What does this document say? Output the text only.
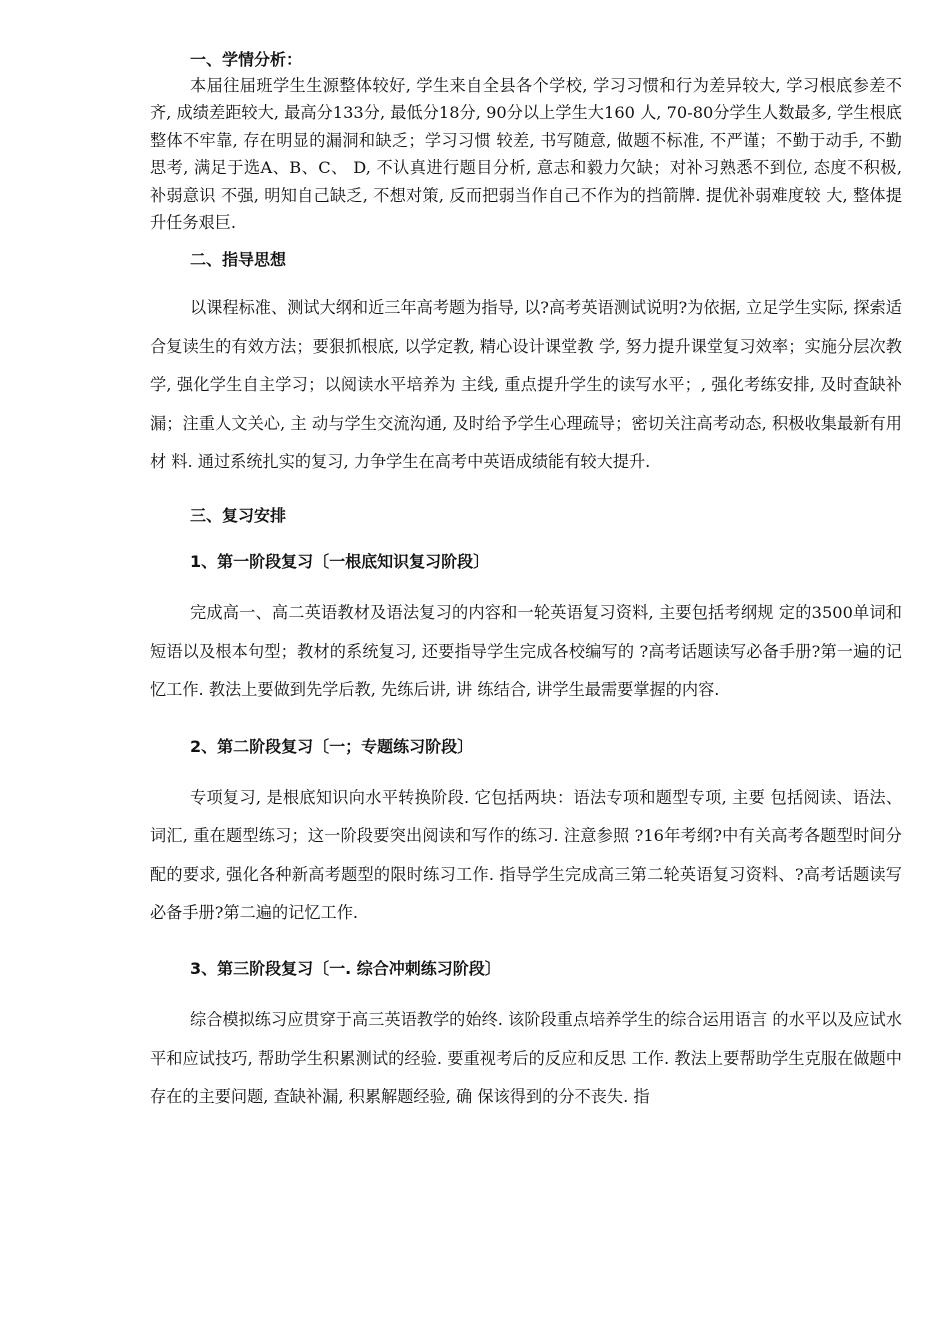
一、学情分析：
本届往届班学生生源整体较好, 学生来自全县各个学校, 学习习惯和行为差异较大, 学习根底参差不齐, 成绩差距较大, 最高分133分, 最低分18分, 90分以上学生大160 人, 70-80分学生人数最多, 学生根底整体不牢靠, 存在明显的漏洞和缺乏；学习习惯 较差, 书写随意, 做题不标准, 不严谨；不勤于动手, 不勤思考, 满足于选A、B、C、 D, 不认真进行题目分析, 意志和毅力欠缺；对补习熟悉不到位, 态度不积极, 补弱意识 不强, 明知自己缺乏, 不想对策, 反而把弱当作自己不作为的挡箭牌. 提优补弱难度较 大, 整体提升任务艰巨.
二、指导思想
以课程标准、测试大纲和近三年高考题为指导, 以?高考英语测试说明?为依据, 立足学生实际, 探索适合复读生的有效方法；要狠抓根底, 以学定教, 精心设计课堂教 学, 努力提升课堂复习效率；实施分层次教学, 强化学生自主学习；以阅读水平培养为 主线, 重点提升学生的读写水平；, 强化考练安排, 及时查缺补漏；注重人文关心, 主 动与学生交流沟通, 及时给予学生心理疏导；密切关注高考动态, 积极收集最新有用材 料. 通过系统扎实的复习, 力争学生在高考中英语成绩能有较大提升.
三、复习安排
1、第一阶段复习〔一根底知识复习阶段〕
完成高一、高二英语教材及语法复习的内容和一轮英语复习资料, 主要包括考纲规 定的3500单词和短语以及根本句型；教材的系统复习, 还要指导学生完成各校编写的 ?高考话题读写必备手册?第一遍的记忆工作. 教法上要做到先学后教, 先练后讲, 讲 练结合, 讲学生最需要掌握的内容.
2、第二阶段复习〔一；专题练习阶段〕
专项复习, 是根底知识向水平转换阶段. 它包括两块：语法专项和题型专项, 主要 包括阅读、语法、词汇, 重在题型练习；这一阶段要突出阅读和写作的练习. 注意参照 ?16年考纲?中有关高考各题型时间分配的要求, 强化各种新高考题型的限时练习工作. 指导学生完成高三第二轮英语复习资料、?高考话题读写必备手册?第二遍的记忆工作.
3、第三阶段复习〔一. 综合冲刺练习阶段〕
综合模拟练习应贯穿于高三英语教学的始终. 该阶段重点培养学生的综合运用语言 的水平以及应试水平和应试技巧, 帮助学生积累测试的经验. 要重视考后的反应和反思 工作. 教法上要帮助学生克服在做题中存在的主要问题, 查缺补漏, 积累解题经验, 确 保该得到的分不丧失. 指
